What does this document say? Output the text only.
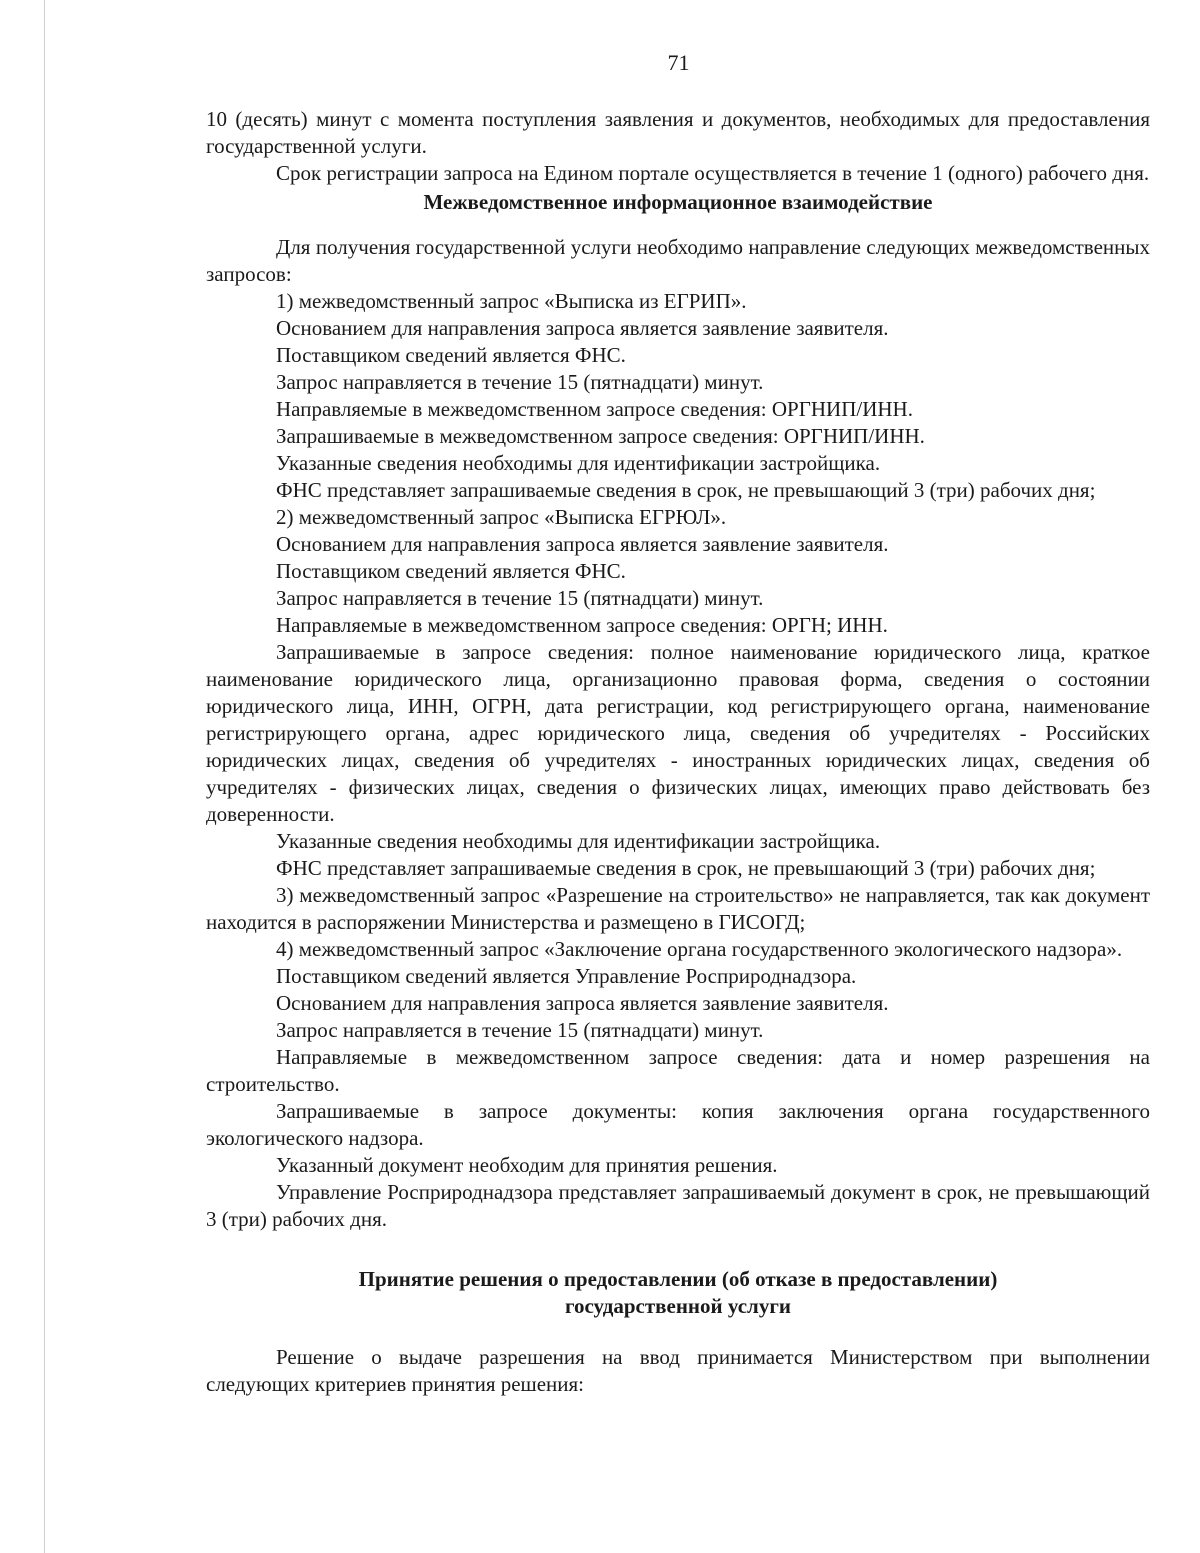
71

10 (десять) минут с момента поступления заявления и документов, необходимых для предоставления государственной услуги.

Срок регистрации запроса на Едином портале осуществляется в течение 1 (одного) рабочего дня.

Межведомственное информационное взаимодействие

Для получения государственной услуги необходимо направление следующих межведомственных запросов:

1) межведомственный запрос «Выписка из ЕГРИП».

Основанием для направления запроса является заявление заявителя.

Поставщиком сведений является ФНС.

Запрос направляется в течение 15 (пятнадцати) минут.

Направляемые в межведомственном запросе сведения: ОРГНИП/ИНН.

Запрашиваемые в межведомственном запросе сведения: ОРГНИП/ИНН.

Указанные сведения необходимы для идентификации застройщика.

ФНС представляет запрашиваемые сведения в срок, не превышающий 3 (три) рабочих дня;

2) межведомственный запрос «Выписка ЕГРЮЛ».

Основанием для направления запроса является заявление заявителя.

Поставщиком сведений является ФНС.

Запрос направляется в течение 15 (пятнадцати) минут.

Направляемые в межведомственном запросе сведения: ОРГН; ИНН.

Запрашиваемые в запросе сведения: полное наименование юридического лица, краткое наименование юридического лица, организационно правовая форма, сведения о состоянии юридического лица, ИНН, ОГРН, дата регистрации, код регистрирующего органа, наименование регистрирующего органа, адрес юридического лица, сведения об учредителях - Российских юридических лицах, сведения об учредителях - иностранных юридических лицах, сведения об учредителях - физических лицах, сведения о физических лицах, имеющих право действовать без доверенности.

Указанные сведения необходимы для идентификации застройщика.

ФНС представляет запрашиваемые сведения в срок, не превышающий 3 (три) рабочих дня;

3) межведомственный запрос «Разрешение на строительство» не направляется, так как документ находится в распоряжении Министерства и размещено в ГИСОГД;

4) межведомственный запрос «Заключение органа государственного экологического надзора».

Поставщиком сведений является Управление Росприроднадзора.

Основанием для направления запроса является заявление заявителя.

Запрос направляется в течение 15 (пятнадцати) минут.

Направляемые в межведомственном запросе сведения: дата и номер разрешения на строительство.

Запрашиваемые в запросе документы: копия заключения органа государственного экологического надзора.

Указанный документ необходим для принятия решения.

Управление Росприроднадзора представляет запрашиваемый документ в срок, не превышающий 3 (три) рабочих дня.

Принятие решения о предоставлении (об отказе в предоставлении)

государственной услуги

Решение о выдаче разрешения на ввод принимается Министерством при выполнении следующих критериев принятия решения:
